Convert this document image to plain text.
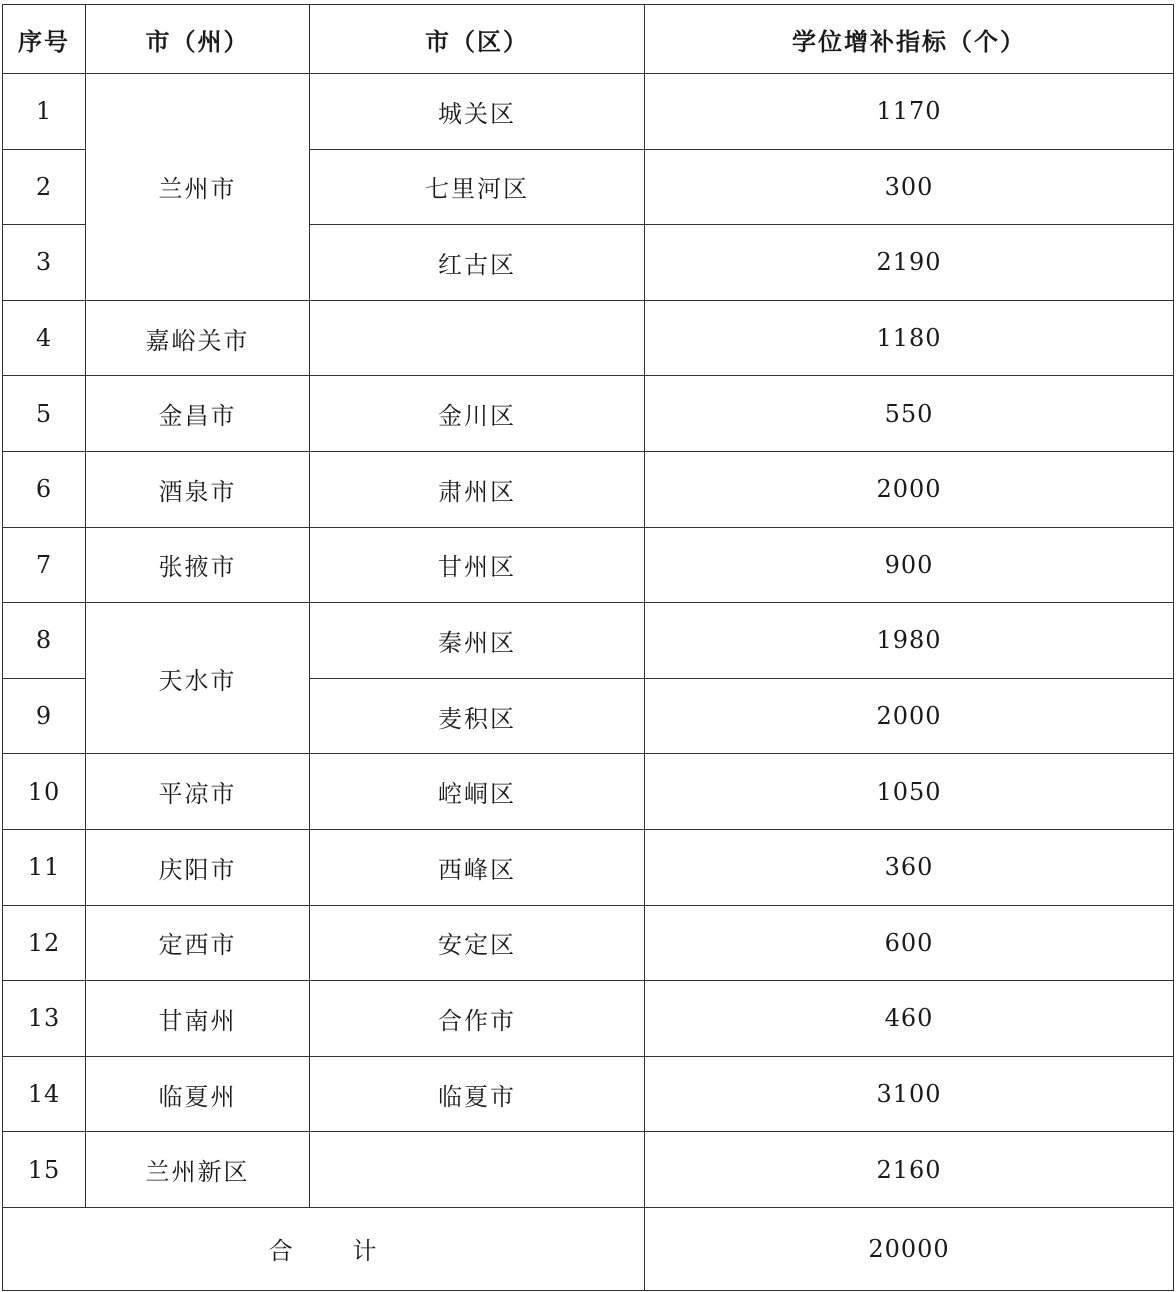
序号	市（州）	市（区）	学位增补指标（个）
1	兰州市	城关区	1170
2		七里河区	300
3		红古区	2190
4	嘉峪关市		1180
5	金昌市	金川区	550
6	酒泉市	肃州区	2000
7	张掖市	甘州区	900
8	天水市	秦州区	1980
9		麦积区	2000
10	平凉市	崆峒区	1050
11	庆阳市	西峰区	360
12	定西市	安定区	600
13	甘南州	合作市	460
14	临夏州	临夏市	3100
15	兰州新区		2160
合      计			20000
